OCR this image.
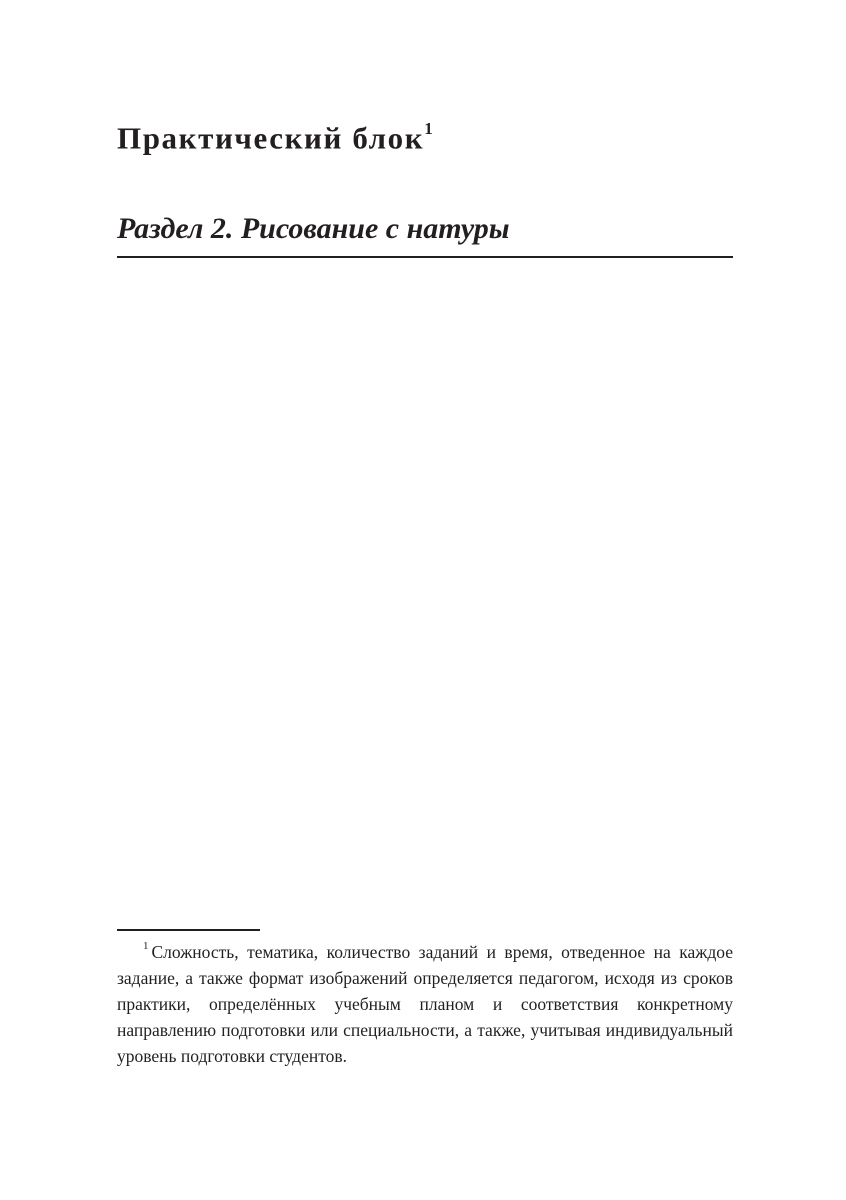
Практический блок$^1$
Раздел 2. Рисование с натуры

$^1$ Сложность, тематика, количество заданий и время, отведенное на каждое задание, а также формат изображений определяется педагогом, исходя из сроков практики, определённых учебным планом и соответствия конкретному направлению подготовки или специальности, а также, учитывая индивидуальный уровень подготовки студентов.
